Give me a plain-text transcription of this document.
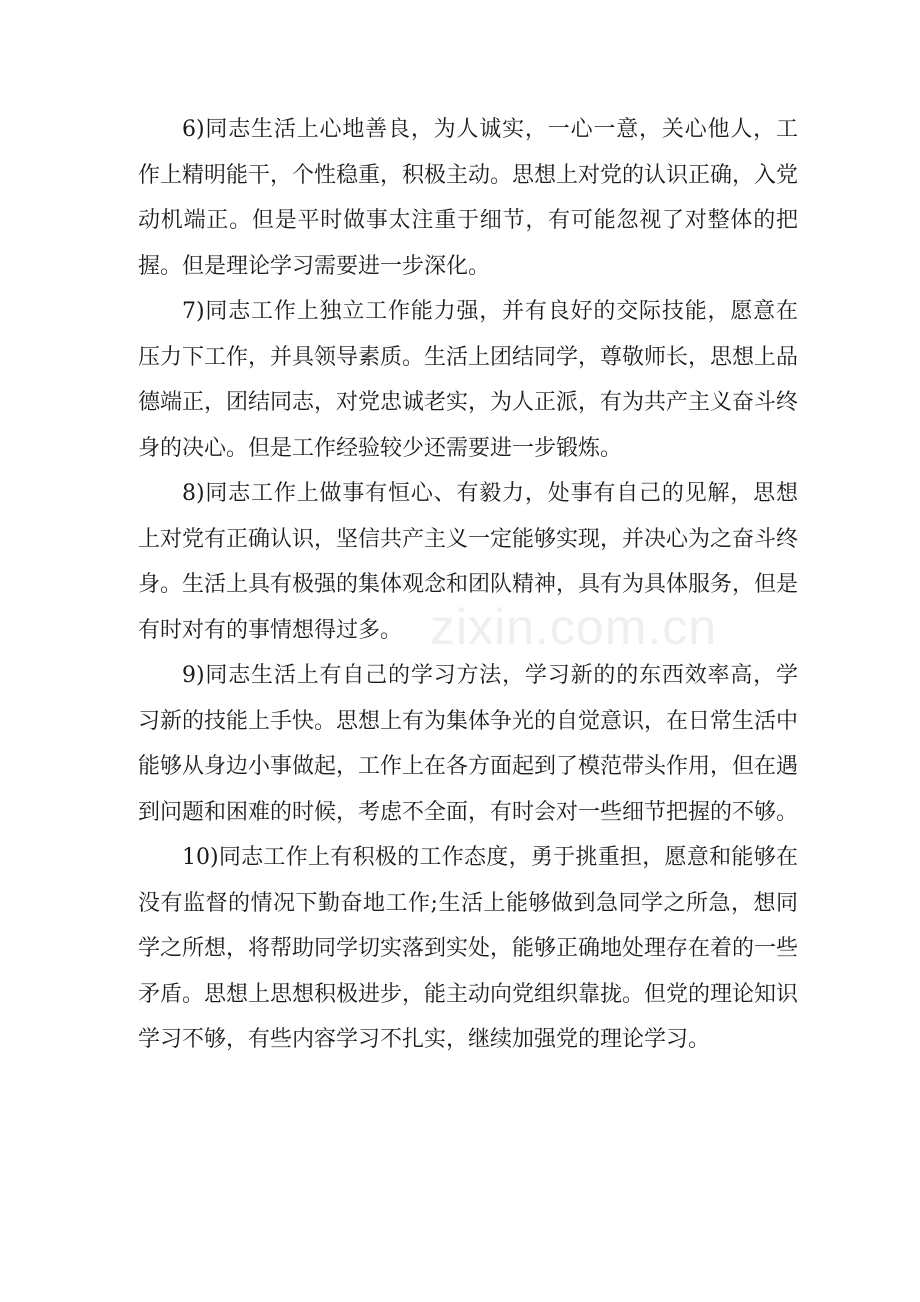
6)同志生活上心地善良，为人诚实，一心一意，关心他人，工作上精明能干，个性稳重，积极主动。思想上对党的认识正确，入党动机端正。但是平时做事太注重于细节，有可能忽视了对整体的把握。但是理论学习需要进一步深化。

7)同志工作上独立工作能力强，并有良好的交际技能，愿意在压力下工作，并具领导素质。生活上团结同学，尊敬师长，思想上品德端正，团结同志，对党忠诚老实，为人正派，有为共产主义奋斗终身的决心。但是工作经验较少还需要进一步锻炼。

8)同志工作上做事有恒心、有毅力，处事有自己的见解，思想上对党有正确认识，坚信共产主义一定能够实现，并决心为之奋斗终身。生活上具有极强的集体观念和团队精神，具有为具体服务，但是有时对有的事情想得过多。

9)同志生活上有自己的学习方法，学习新的的东西效率高，学习新的技能上手快。思想上有为集体争光的自觉意识，在日常生活中能够从身边小事做起，工作上在各方面起到了模范带头作用，但在遇到问题和困难的时候，考虑不全面，有时会对一些细节把握的不够。

10)同志工作上有积极的工作态度，勇于挑重担，愿意和能够在没有监督的情况下勤奋地工作;生活上能够做到急同学之所急，想同学之所想，将帮助同学切实落到实处，能够正确地处理存在着的一些矛盾。思想上思想积极进步，能主动向党组织靠拢。但党的理论知识学习不够，有些内容学习不扎实，继续加强党的理论学习。

zixin.com.cn
